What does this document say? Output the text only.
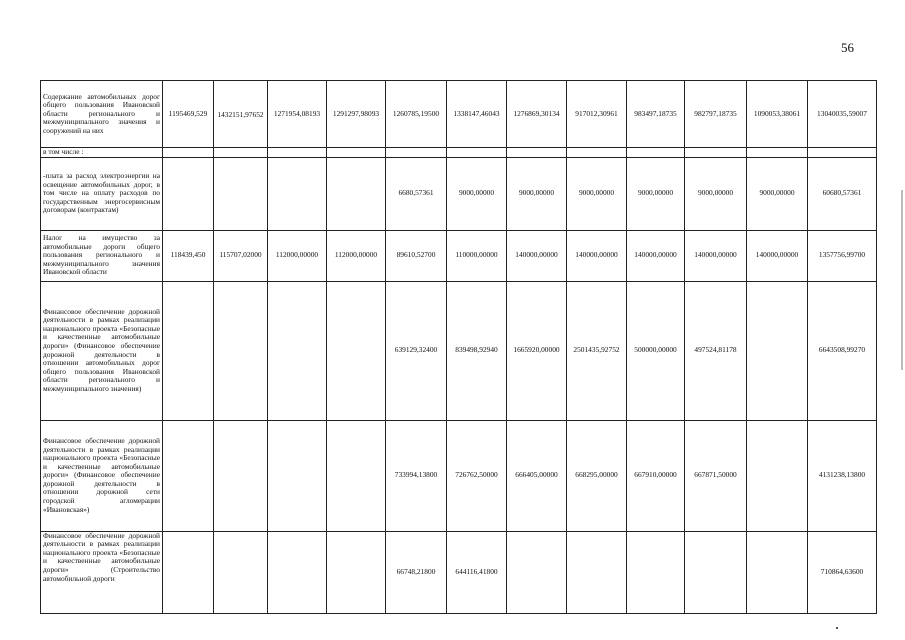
56
Содержание автомобильных дорог общего пользования Ивановской области регионального и межмуниципального значения и сооружений на них	1195469,529	1432151,97652	1271954,08193	1291297,98093	1260785,19500	1338147,46043	1276869,30134	917012,30961	983497,18735	982797,18735	1090053,38061	13040035,59007
в том числе :												
-плата за расход электроэнергии на освещение автомобильных дорог, в том числе на оплату расходов по государственным энергосервисным договорам (контрактам)					6680,57361	9000,00000	9000,00000	9000,00000	9000,00000	9000,00000	9000,00000	60680,57361
Налог на имущество за автомобильные дороги общего пользования регионального и межмуниципального значения Ивановской области	118439,450	115707,02000	112000,00000	112000,00000	89610,52700	110000,00000	140000,00000	140000,00000	140000,00000	140000,00000	140000,00000	1357756,99700
Финансовое обеспечение дорожной деятельности в рамках реализации национального проекта «Безопасные и качественные автомобильные дороги» (Финансовое обеспечение дорожной деятельности в отношении автомобильных дорог общего пользования Ивановской области регионального и межмуниципального значения)					639129,32400	839498,92940	1665920,00000	2501435,92752	500000,00000	497524,81178		6643508,99270
Финансовое обеспечение дорожной деятельности в рамках реализации национального проекта «Безопасные и качественные автомобильные дороги» (Финансовое обеспечение дорожной деятельности в отношении дорожной сети городской агломерации «Ивановская»)					733994,13800	726762,50000	666405,00000	668295,00000	667910,00000	667871,50000		4131238,13800
Финансовое обеспечение дорожной деятельности в рамках реализации национального проекта «Безопасные и качественные автомобильные дороги» (Строительство автомобильной дороги					66748,21800	644116,41800						710864,63600
